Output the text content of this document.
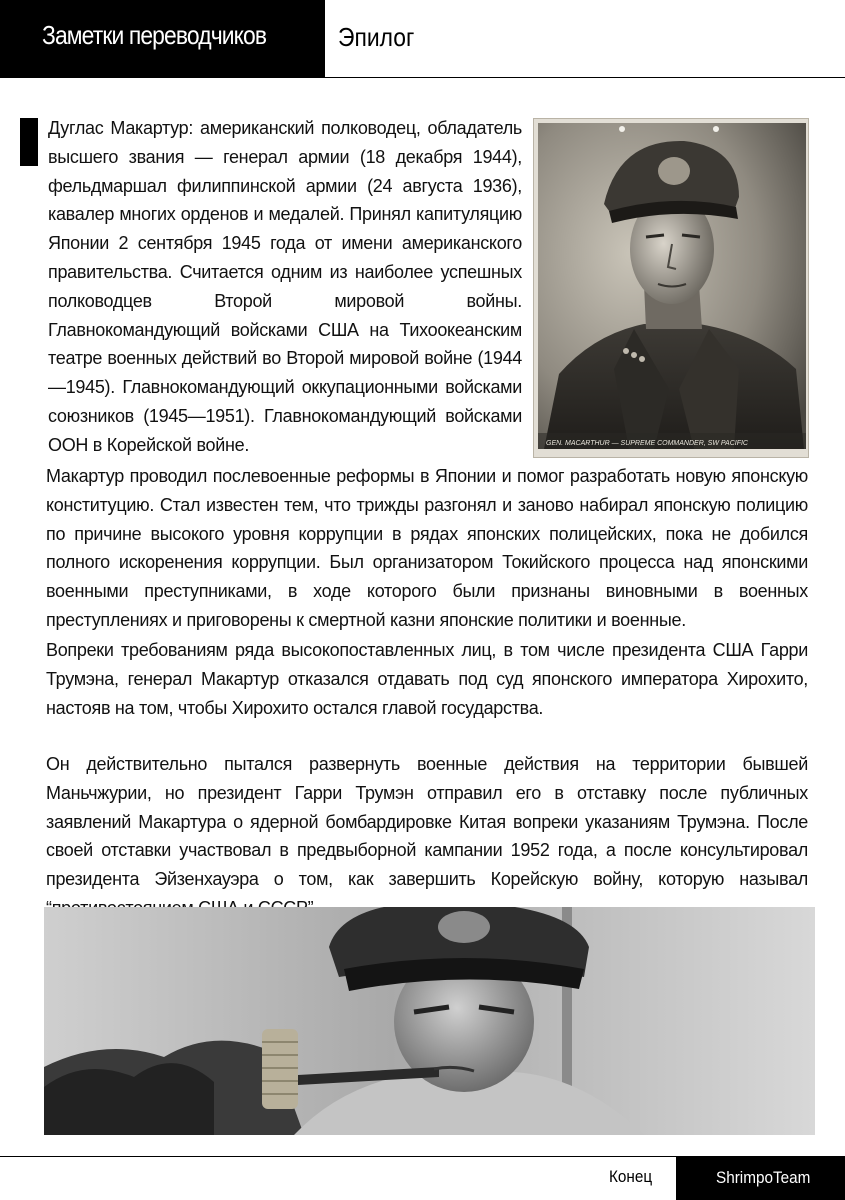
Заметки переводчиков	Эпилог
Дуглас Макартур: американский полководец, обладатель высшего звания — генерал армии (18 декабря 1944), фельдмаршал филиппинской армии (24 августа 1936), кавалер многих орденов и медалей. Принял капитуляцию Японии 2 сентября 1945 года от имени американского правительства. Считается одним из наиболее успешных полководцев Второй мировой войны. Главнокомандующий войсками США на Тихоокеанским театре военных действий во Второй мировой войне (1944—1945). Главнокомандующий оккупационными войсками союзников (1945—1951). Главнокомандующий войсками ООН в Корейской войне.	GEN. MACARTHUR — SUPREME COMMANDER, SW PACIFIC
Макартур проводил послевоенные реформы в Японии и помог разработать новую японскую конституцию. Стал известен тем, что трижды разгонял и заново набирал японскую полицию по причине высокого уровня коррупции в рядах японских полицейских, пока не добился полного искоренения коррупции. Был организатором Токийского процесса над японскими военными преступниками, в ходе которого были признаны виновными в военных преступлениях и приговорены к смертной казни японские политики и военные.
Вопреки требованиям ряда высокопоставленных лиц, в том числе президента США Гарри Трумэна, генерал Макартур отказался отдавать под суд японского императора Хирохито, настояв на том, чтобы Хирохито остался главой государства.
Он действительно пытался развернуть военные действия на территории бывшей Маньчжурии, но президент Гарри Трумэн отправил его в отставку после публичных заявлений Макартура о ядерной бомбардировке Китая вопреки указаниям Трумэна. После своей отставки участвовал в предвыборной кампании 1952 года, а после консультировал президента Эйзенхауэра о том, как завершить Корейскую войну, которую называл
Конец	ShrimpoTeam
